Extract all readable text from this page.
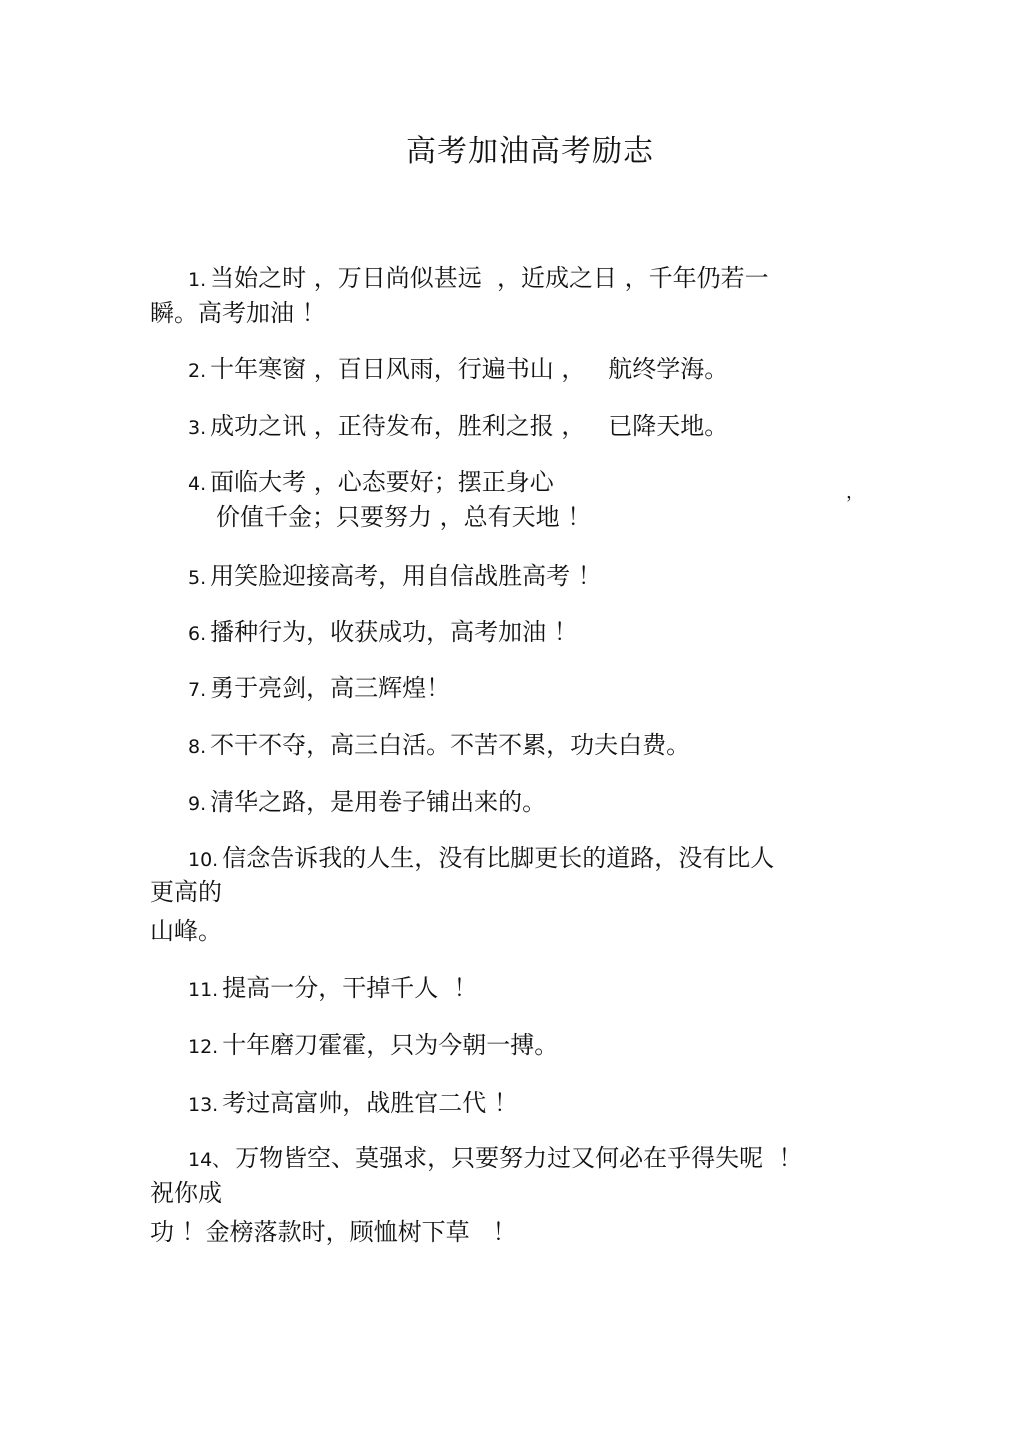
高考加油高考励志
1. 当始之时 ，万日尚似甚远  ，近成之日 ，千年仍若一
瞬。高考加油 ！
2. 十年寒窗 ，百日风雨，行遍书山 ，   航终学海。
3. 成功之讯 ，正待发布，胜利之报 ，   已降天地。
4. 面临大考 ，心态要好；摆正身心	，
价值千金；只要努力 ，总有天地 ！
5. 用笑脸迎接高考，用自信战胜高考 ！
6. 播种行为，收获成功，高考加油 ！
7. 勇于亮剑，高三辉煌！
8. 不干不夺，高三白活。不苦不累，功夫白费。
9. 清华之路，是用卷子铺出来的。
10. 信念告诉我的人生，没有比脚更长的道路，没有比人
更高的
山峰。
11. 提高一分，干掉千人  ！
12. 十年磨刀霍霍，只为今朝一搏。
13. 考过高富帅，战胜官二代 ！
14、 万物皆空、莫强求，只要努力过又何必在乎得失呢  ！
祝你成
功 ！金榜落款时，顾恤树下草   ！
